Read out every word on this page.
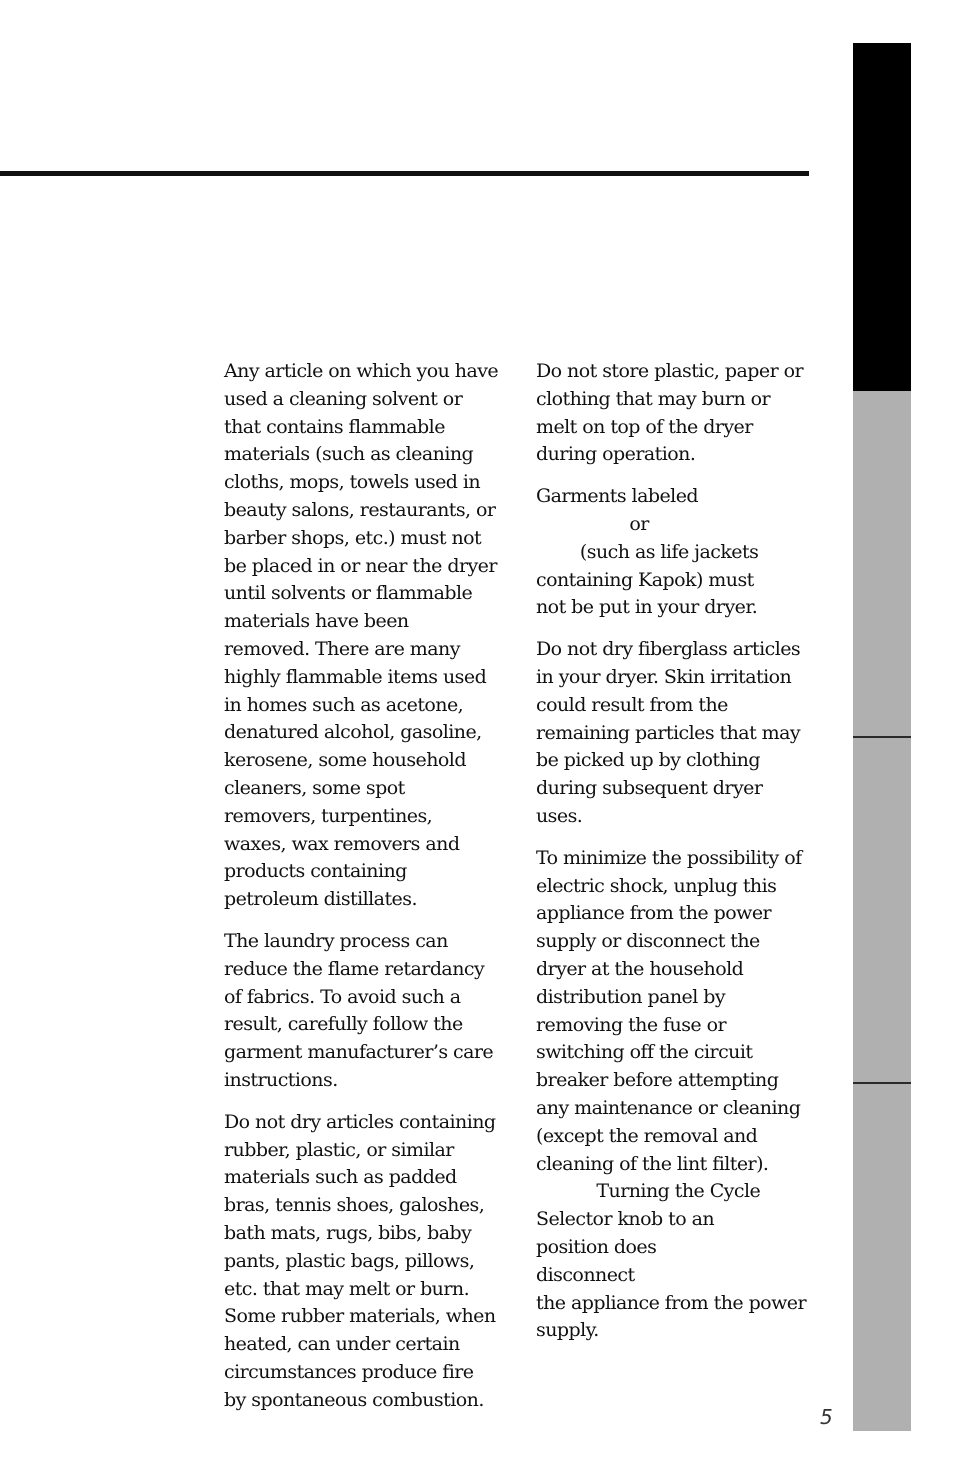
Any article on which you have used a cleaning solvent or that contains flammable materials (such as cleaning cloths, mops, towels used in beauty salons, restaurants, or barber shops, etc.) must not be placed in or near the dryer until solvents or flammable materials have been removed. There are many highly flammable items used in homes such as acetone, denatured alcohol, gasoline, kerosene, some household cleaners, some spot removers, turpentines, waxes, wax removers and products containing petroleum distillates.

The laundry process can reduce the flame retardancy of fabrics. To avoid such a result, carefully follow the garment manufacturer’s care instructions.

Do not dry articles containing rubber, plastic, or similar materials such as padded bras, tennis shoes, galoshes, bath mats, rugs, bibs, baby pants, plastic bags, pillows, etc. that may melt or burn. Some rubber materials, when heated, can under certain circumstances produce fire by spontaneous combustion.

Do not store plastic, paper or clothing that may burn or melt on top of the dryer during operation.

Garments labeled
or
(such as life jackets
containing Kapok) must
not be put in your dryer.

Do not dry fiberglass articles in your dryer. Skin irritation could result from the remaining particles that may be picked up by clothing during subsequent dryer uses.

To minimize the possibility of electric shock, unplug this appliance from the power supply or disconnect the dryer at the household distribution panel by removing the fuse or switching off the circuit breaker before attempting any maintenance or cleaning (except the removal and cleaning of the lint filter).
Turning the Cycle
Selector knob to an
position does          disconnect
the appliance from the power
supply.

5
